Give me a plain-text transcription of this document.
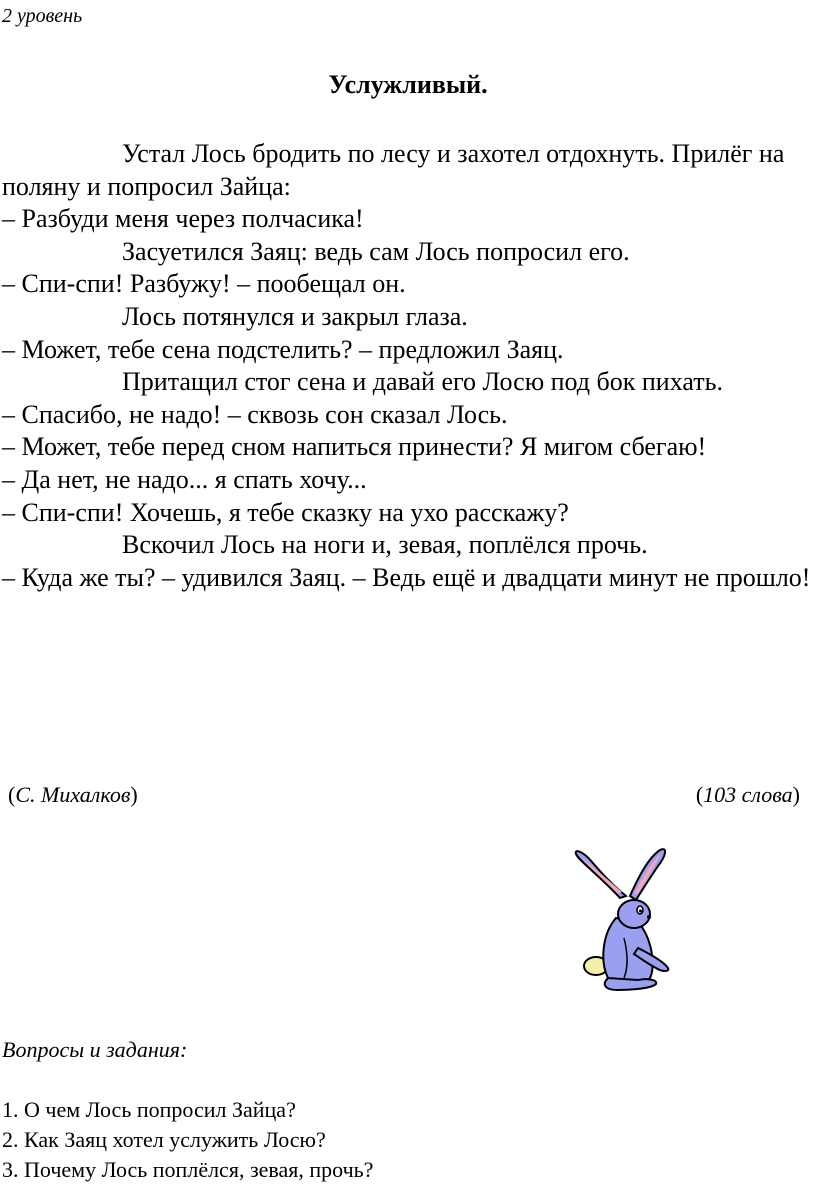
2 уровень
Услужливый.

Устал Лось бродить по лесу и захотел отдохнуть. Прилёг на поляну и попросил Зайца:

– Разбуди меня через полчасика!

Засуетился Заяц: ведь сам Лось попросил его.

– Спи-спи! Разбужу! – пообещал он.

Лось потянулся и закрыл глаза.

– Может, тебе сена подстелить? – предложил Заяц.

Притащил стог сена и давай его Лосю под бок пихать.

– Спасибо, не надо! – сквозь сон сказал Лось.

– Может, тебе перед сном напиться принести? Я мигом сбегаю!

– Да нет, не надо... я спать хочу...

– Спи-спи! Хочешь, я тебе сказку на ухо расскажу?

Вскочил Лось на ноги и, зевая, поплёлся прочь.

– Куда же ты? – удивился Заяц. – Ведь ещё и двадцати минут не прошло!

(С. Михалков)	(103 слова)
Вопросы и задания:
1. О чем Лось попросил Зайца?
2. Как Заяц хотел услужить Лосю?
3. Почему Лось поплёлся, зевая, прочь?
